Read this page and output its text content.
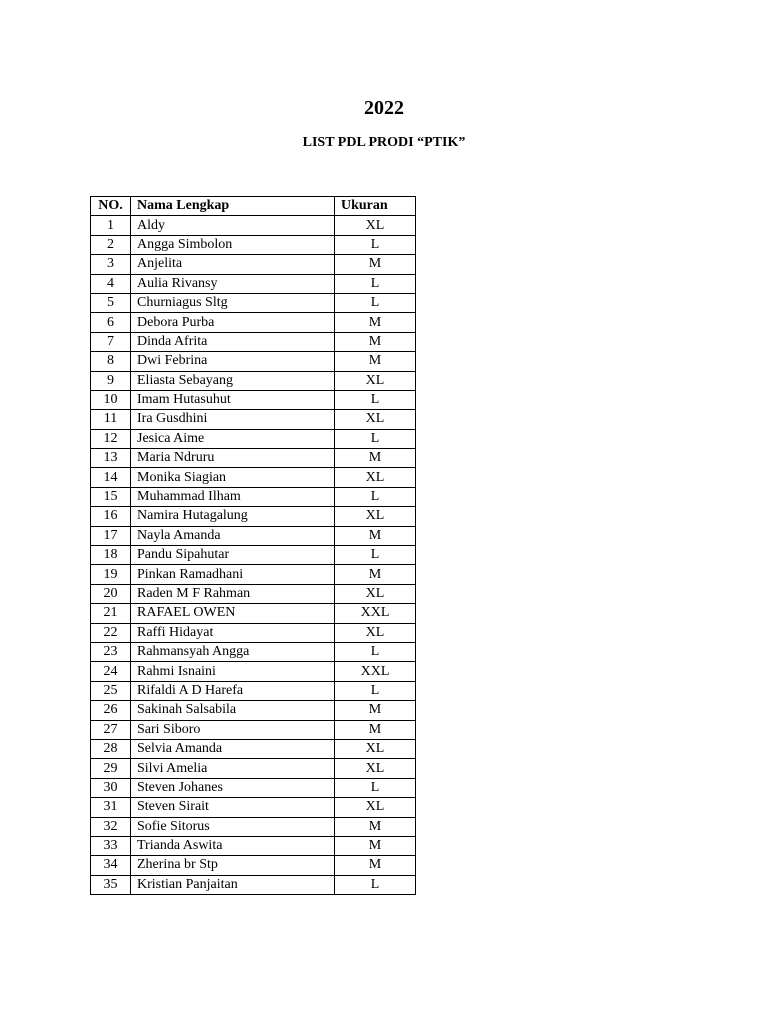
2022
LIST PDL PRODI “PTIK”
NO.	Nama Lengkap	Ukuran
1	Aldy	XL
2	Angga Simbolon	L
3	Anjelita	M
4	Aulia Rivansy	L
5	Churniagus Sltg	L
6	Debora Purba	M
7	Dinda Afrita	M
8	Dwi Febrina	M
9	Eliasta Sebayang	XL
10	Imam Hutasuhut	L
11	Ira Gusdhini	XL
12	Jesica Aime	L
13	Maria Ndruru	M
14	Monika Siagian	XL
15	Muhammad Ilham	L
16	Namira Hutagalung	XL
17	Nayla Amanda	M
18	Pandu Sipahutar	L
19	Pinkan Ramadhani	M
20	Raden M F Rahman	XL
21	RAFAEL OWEN	XXL
22	Raffi Hidayat	XL
23	Rahmansyah Angga	L
24	Rahmi Isnaini	XXL
25	Rifaldi A D Harefa	L
26	Sakinah Salsabila	M
27	Sari Siboro	M
28	Selvia Amanda	XL
29	Silvi Amelia	XL
30	Steven Johanes	L
31	Steven Sirait	XL
32	Sofie Sitorus	M
33	Trianda Aswita	M
34	Zherina br Stp	M
35	Kristian Panjaitan	L
